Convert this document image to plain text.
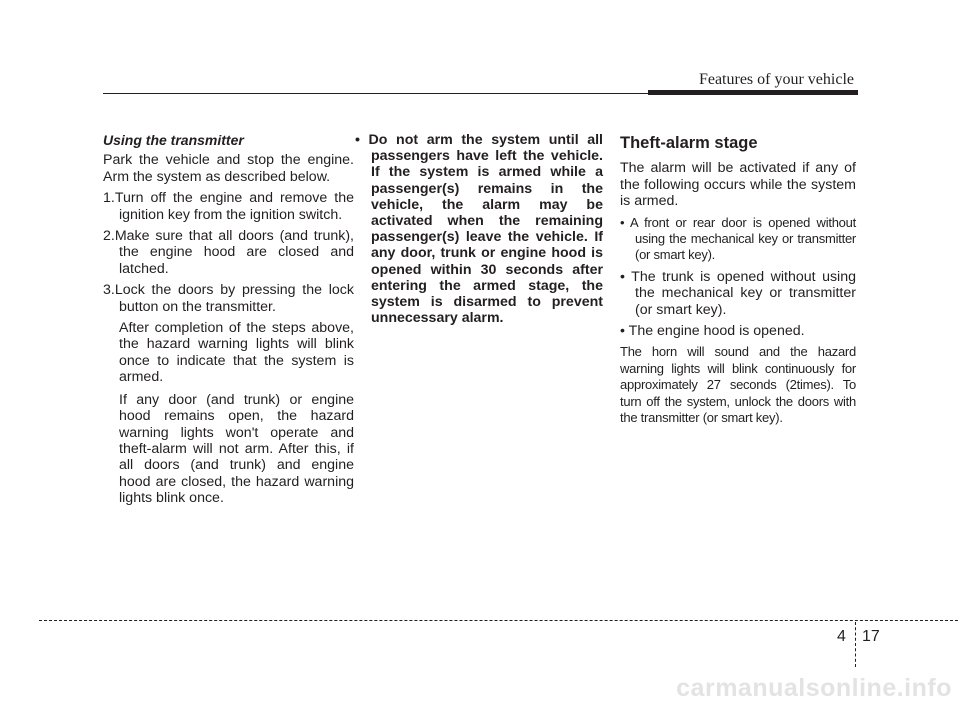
Features of your vehicle

Using the transmitter

Park the vehicle and stop the engine. Arm the system as described below.

1.Turn off the engine and remove the ignition key from the ignition switch.

2.Make sure that all doors (and trunk), the engine hood are closed and latched.

3.Lock the doors by pressing the lock button on the transmitter.

After completion of the steps above, the hazard warning lights will blink once to indicate that the system is armed.

If any door (and trunk) or engine hood remains open, the hazard warning lights won't operate and theft-alarm will not arm. After this, if all doors (and trunk) and engine hood are closed, the hazard warning lights blink once.

• Do not arm the system until all passengers have left the vehicle. If the system is armed while a passenger(s) remains in the vehicle, the alarm may be activated when the remaining passenger(s) leave the vehicle. If any door, trunk or engine hood is opened within 30 seconds after entering the armed stage, the system is disarmed to prevent unnecessary alarm.

Theft-alarm stage

The alarm will be activated if any of the following occurs while the system is armed.

• A front or rear door is opened without using the mechanical key or transmitter (or smart key).

• The trunk is opened without using the mechanical key or transmitter (or smart key).

• The engine hood is opened.

The horn will sound and the hazard warning lights will blink continuously for approximately 27 seconds (2times). To turn off the system, unlock the doors with the transmitter (or smart key).

4 17
carmanualsonline.info
